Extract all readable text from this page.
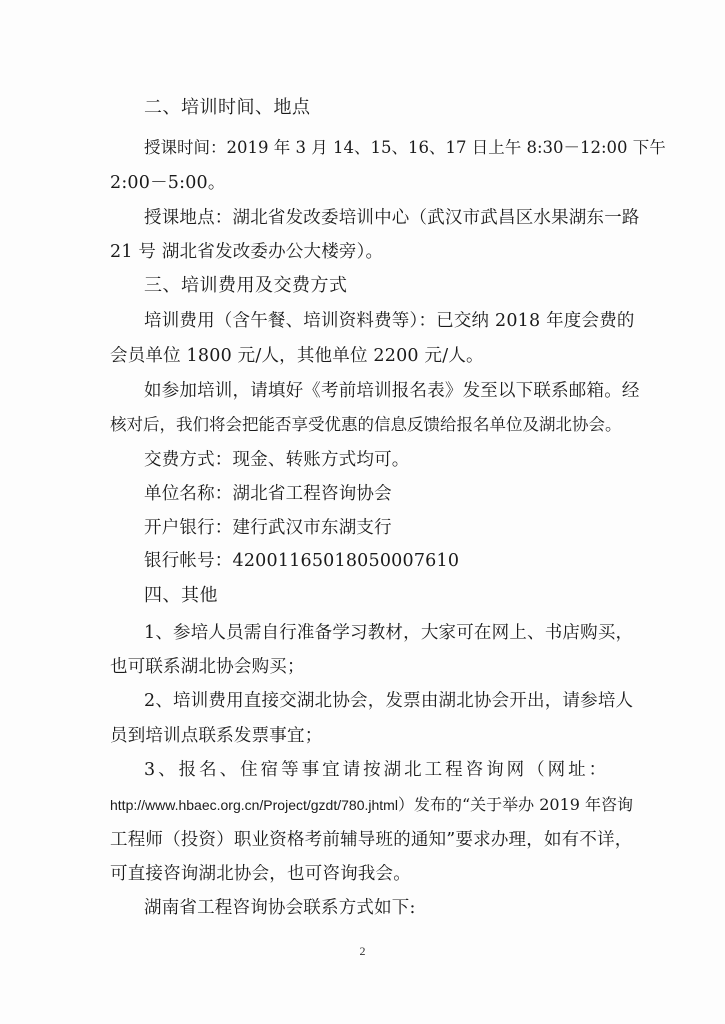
二、培训时间、地点
授课时间：2019 年 3 月 14、15、16、17 日上午 8:30－12:00 下午
2:00－5:00。
授课地点：湖北省发改委培训中心（武汉市武昌区水果湖东一路
21 号 湖北省发改委办公大楼旁）。
三、培训费用及交费方式
培训费用（含午餐、培训资料费等）：已交纳 2018 年度会费的
会员单位 1800 元/人，其他单位 2200 元/人。
如参加培训，请填好《考前培训报名表》发至以下联系邮箱。经
核对后，我们将会把能否享受优惠的信息反馈给报名单位及湖北协会。
交费方式：现金、转账方式均可。
单位名称：湖北省工程咨询协会
开户银行：建行武汉市东湖支行
银行帐号：42001165018050007610
四、其他
1、参培人员需自行准备学习教材，大家可在网上、书店购买，
也可联系湖北协会购买；
2、培训费用直接交湖北协会，发票由湖北协会开出，请参培人
员到培训点联系发票事宜；
3、报名、住宿等事宜请按湖北工程咨询网（网址：
http://www.hbaec.org.cn/Project/gzdt/780.jhtml）发布的“关于举办 2019 年咨询
工程师（投资）职业资格考前辅导班的通知”要求办理，如有不详，
可直接咨询湖北协会，也可咨询我会。
湖南省工程咨询协会联系方式如下:
2
